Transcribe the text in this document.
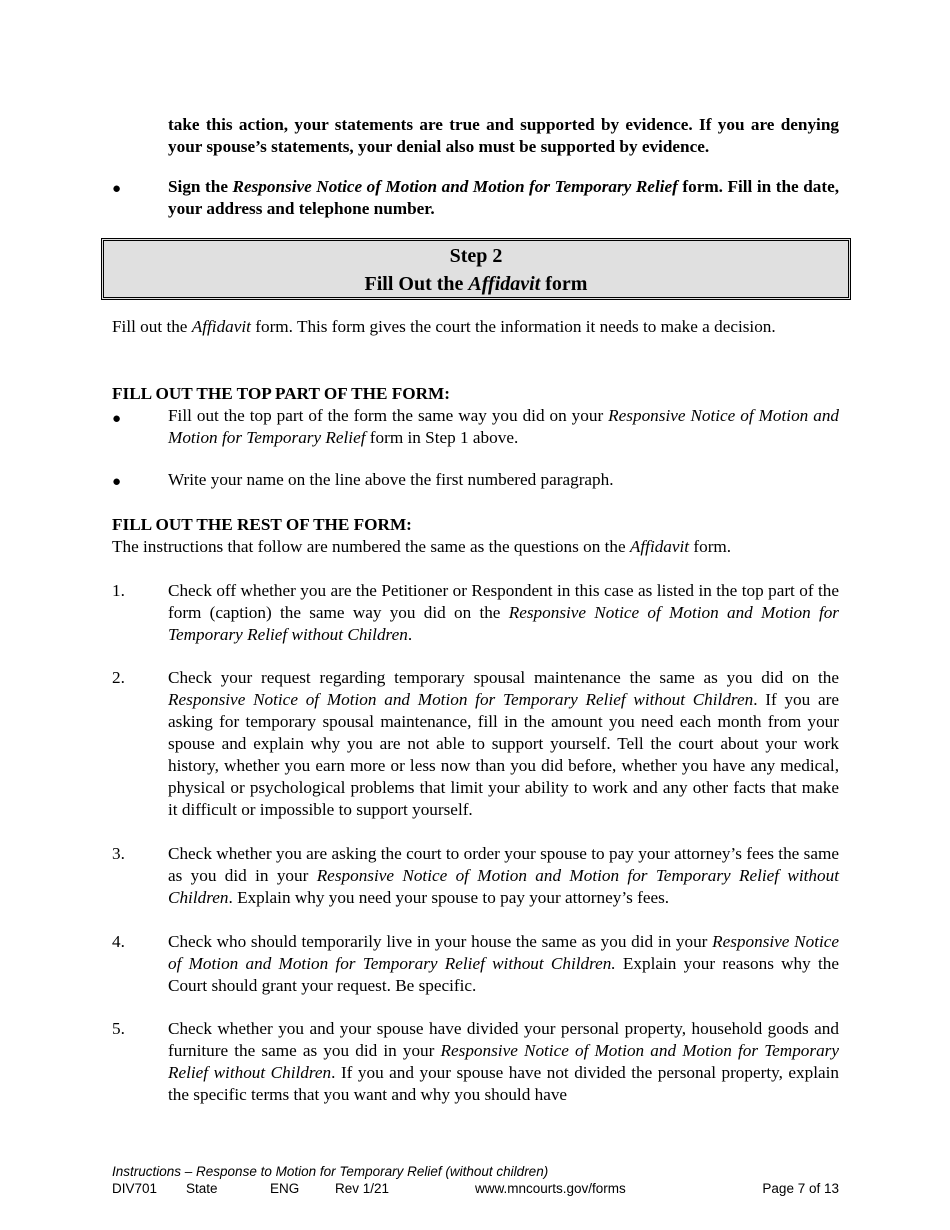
take this action, your statements are true and supported by evidence. If you are denying your spouse’s statements, your denial also must be supported by evidence.
●	Sign the Responsive Notice of Motion and Motion for Temporary Relief form. Fill in the date, your address and telephone number.
Step 2
Fill Out the Affidavit form
Fill out the Affidavit form. This form gives the court the information it needs to make a decision.
FILL OUT THE TOP PART OF THE FORM:
●	Fill out the top part of the form the same way you did on your Responsive Notice of Motion and Motion for Temporary Relief form in Step 1 above.
●	Write your name on the line above the first numbered paragraph.
FILL OUT THE REST OF THE FORM:
The instructions that follow are numbered the same as the questions on the Affidavit form.
1.	Check off whether you are the Petitioner or Respondent in this case as listed in the top part of the form (caption) the same way you did on the Responsive Notice of Motion and Motion for Temporary Relief without Children.
2.	Check your request regarding temporary spousal maintenance the same as you did on the Responsive Notice of Motion and Motion for Temporary Relief without Children. If you are asking for temporary spousal maintenance, fill in the amount you need each month from your spouse and explain why you are not able to support yourself. Tell the court about your work history, whether you earn more or less now than you did before, whether you have any medical, physical or psychological problems that limit your ability to work and any other facts that make it difficult or impossible to support yourself.
3.	Check whether you are asking the court to order your spouse to pay your attorney’s fees the same as you did in your Responsive Notice of Motion and Motion for Temporary Relief without Children. Explain why you need your spouse to pay your attorney’s fees.
4.	Check who should temporarily live in your house the same as you did in your Responsive Notice of Motion and Motion for Temporary Relief without Children. Explain your reasons why the Court should grant your request. Be specific.
5.	Check whether you and your spouse have divided your personal property, household goods and furniture the same as you did in your Responsive Notice of Motion and Motion for Temporary Relief without Children. If you and your spouse have not divided the personal property, explain the specific terms that you want and why you should have
Instructions – Response to Motion for Temporary Relief (without children)
DIV701 State	ENG	Rev 1/21	www.mncourts.gov/forms	Page 7 of 13
